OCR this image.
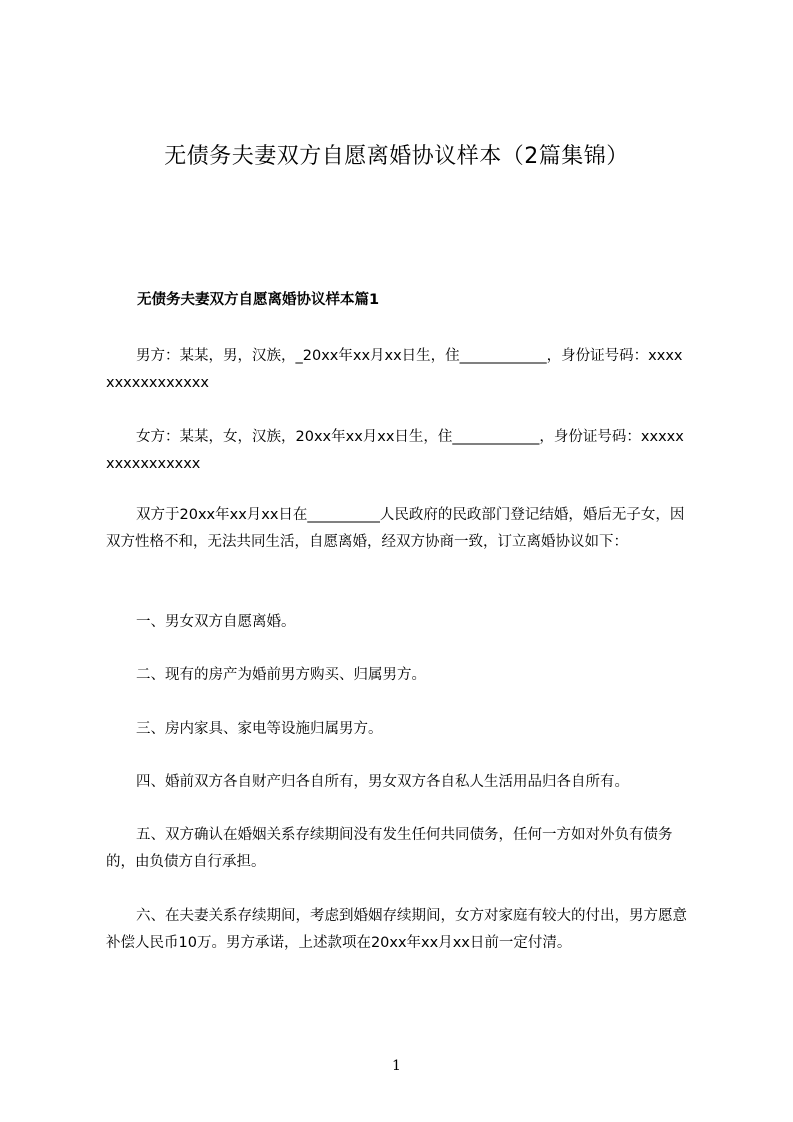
无债务夫妻双方自愿离婚协议样本（2篇集锦）
无债务夫妻双方自愿离婚协议样本篇1
男方：某某，男，汉族，_20xx年xx月xx日生，住____________，身份证号码：xxxxxxxxxxxxxxxx
女方：某某，女，汉族，20xx年xx月xx日生，住____________，身份证号码：xxxxxxxxxxxxxxxx
双方于20xx年xx月xx日在__________人民政府的民政部门登记结婚，婚后无子女，因双方性格不和，无法共同生活，自愿离婚，经双方协商一致，订立离婚协议如下：
一、男女双方自愿离婚。
二、现有的房产为婚前男方购买、归属男方。
三、房内家具、家电等设施归属男方。
四、婚前双方各自财产归各自所有，男女双方各自私人生活用品归各自所有。
五、双方确认在婚姻关系存续期间没有发生任何共同债务，任何一方如对外负有债务的，由负债方自行承担。
六、在夫妻关系存续期间，考虑到婚姻存续期间，女方对家庭有较大的付出，男方愿意补偿人民币10万。男方承诺，上述款项在20xx年xx月xx日前一定付清。
1
